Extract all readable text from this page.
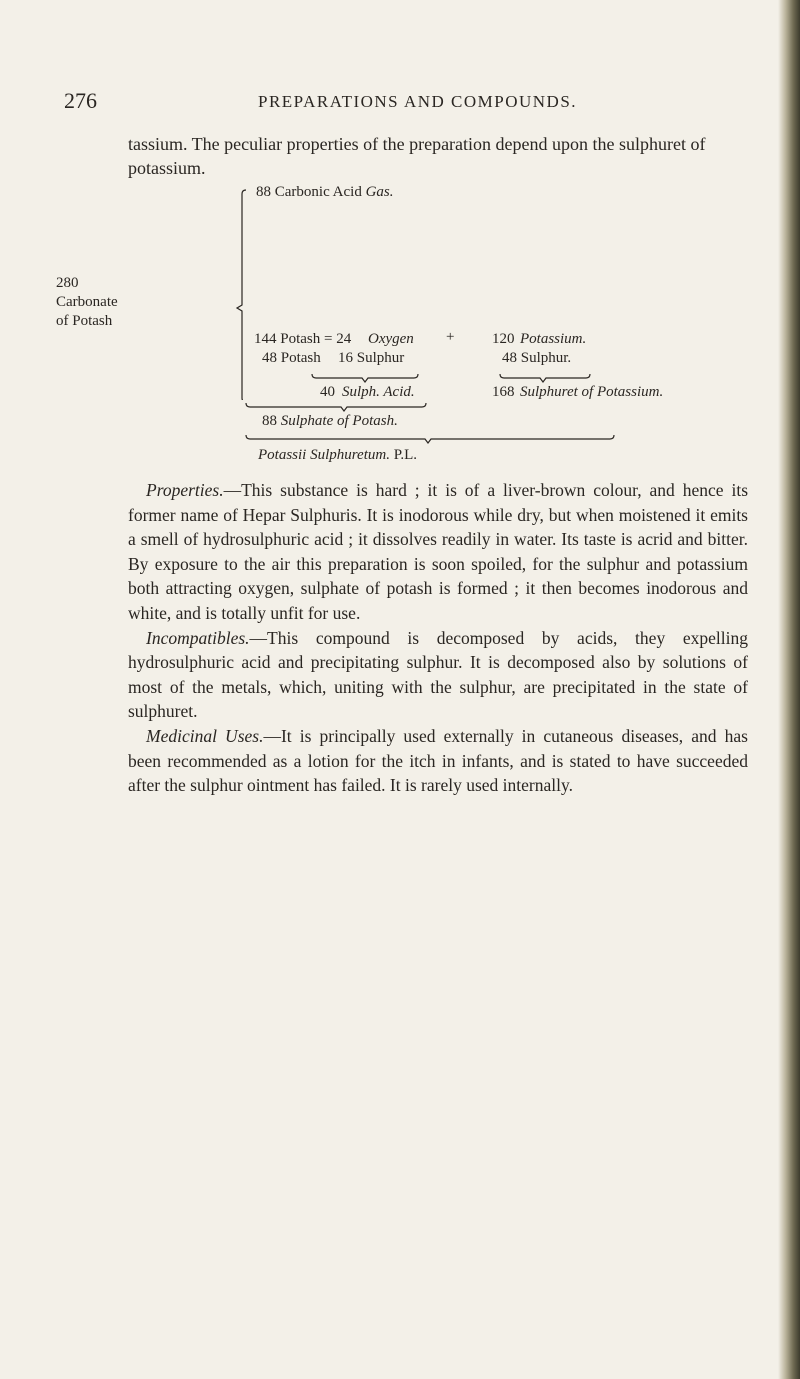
276	PREPARATIONS AND COMPOUNDS.
tassium. The peculiar properties of the preparation depend upon the sulphuret of potassium.
280
Carbonate
of Potash
88 Carbonic Acid Gas.
144 Potash = 24 Oxygen +	120 Potassium.
48 Potash 16 Sulphur	48 Sulphur.
40 Sulph. Acid.	168 Sulphuret of Potassium.
88 Sulphate of Potash.
Potassii Sulphuretum. P.L.

Properties.—This substance is hard ; it is of a liver-brown colour, and hence its former name of Hepar Sulphuris. It is inodorous while dry, but when moistened it emits a smell of hydrosulphuric acid ; it dissolves readily in water. Its taste is acrid and bitter. By exposure to the air this preparation is soon spoiled, for the sulphur and potassium both attracting oxygen, sulphate of potash is formed ; it then becomes inodorous and white, and is totally unfit for use.

Incompatibles.—This compound is decomposed by acids, they expelling hydrosulphuric acid and precipitating sulphur. It is decomposed also by solutions of most of the metals, which, uniting with the sulphur, are precipitated in the state of sulphuret.

Medicinal Uses.—It is principally used externally in cutaneous diseases, and has been recommended as a lotion for the itch in infants, and is stated to have succeeded after the sulphur ointment has failed. It is rarely used internally.
